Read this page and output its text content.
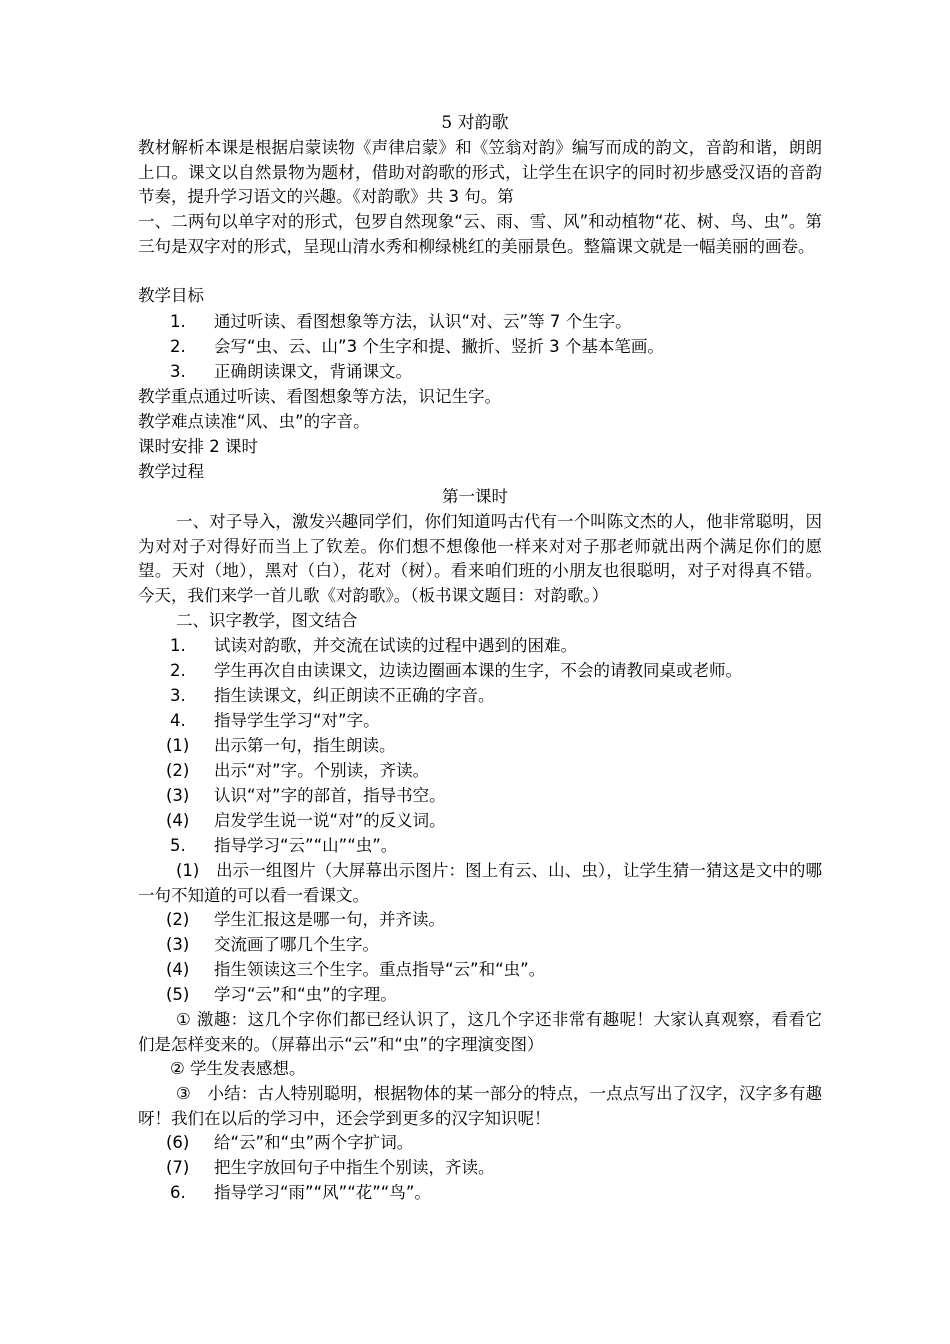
5 对韵歌

教材解析本课是根据启蒙读物《声律启蒙》和《笠翁对韵》编写而成的韵文，音韵和谐，朗朗上口。课文以自然景物为题材，借助对韵歌的形式，让学生在识字的同时初步感受汉语的音韵节奏，提升学习语文的兴趣。《对韵歌》共 3 句。第

一、二两句以单字对的形式，包罗自然现象“云、雨、雪、风”和动植物“花、树、鸟、虫”。第三句是双字对的形式，呈现山清水秀和柳绿桃红的美丽景色。整篇课文就是一幅美丽的画卷。

教学目标
1. 通过听读、看图想象等方法，认识“对、云”等 7 个生字。
2. 会写“虫、云、山”3 个生字和提、撇折、竖折 3 个基本笔画。
3. 正确朗读课文，背诵课文。
教学重点通过听读、看图想象等方法，识记生字。
教学难点读准“风、虫”的字音。
课时安排 2 课时
教学过程
第一课时

一、对子导入，激发兴趣同学们，你们知道吗古代有一个叫陈文杰的人，他非常聪明，因为对对子对得好而当上了钦差。你们想不想像他一样来对对子那老师就出两个满足你们的愿望。天对（地），黑对（白），花对（树）。看来咱们班的小朋友也很聪明，对子对得真不错。今天，我们来学一首儿歌《对韵歌》。（板书课文题目：对韵歌。）

二、识字教学，图文结合
1. 试读对韵歌，并交流在试读的过程中遇到的困难。
2. 学生再次自由读课文，边读边圈画本课的生字，不会的请教同桌或老师。
3. 指生读课文，纠正朗读不正确的字音。
4. 指导学生学习“对”字。
(1) 出示第一句，指生朗读。
(2) 出示“对”字。个别读，齐读。
(3) 认识“对”字的部首，指导书空。
(4) 启发学生说一说“对”的反义词。
5. 指导学习“云”“山”“虫”。

(1)　出示一组图片（大屏幕出示图片：图上有云、山、虫），让学生猜一猜这是文中的哪一句不知道的可以看一看课文。

(2) 学生汇报这是哪一句，并齐读。
(3) 交流画了哪几个生字。
(4) 指生领读这三个生字。重点指导“云”和“虫”。
(5) 学习“云”和“虫”的字理。

① 激趣：这几个字你们都已经认识了，这几个字还非常有趣呢！大家认真观察，看看它们是怎样变来的。（屏幕出示“云”和“虫”的字理演变图）

② 学生发表感想。

③　小结：古人特别聪明，根据物体的某一部分的特点，一点点写出了汉字，汉字多有趣呀！我们在以后的学习中，还会学到更多的汉字知识呢！

(6) 给“云”和“虫”两个字扩词。
(7) 把生字放回句子中指生个别读，齐读。
6. 指导学习“雨”“风”“花”“鸟”。
